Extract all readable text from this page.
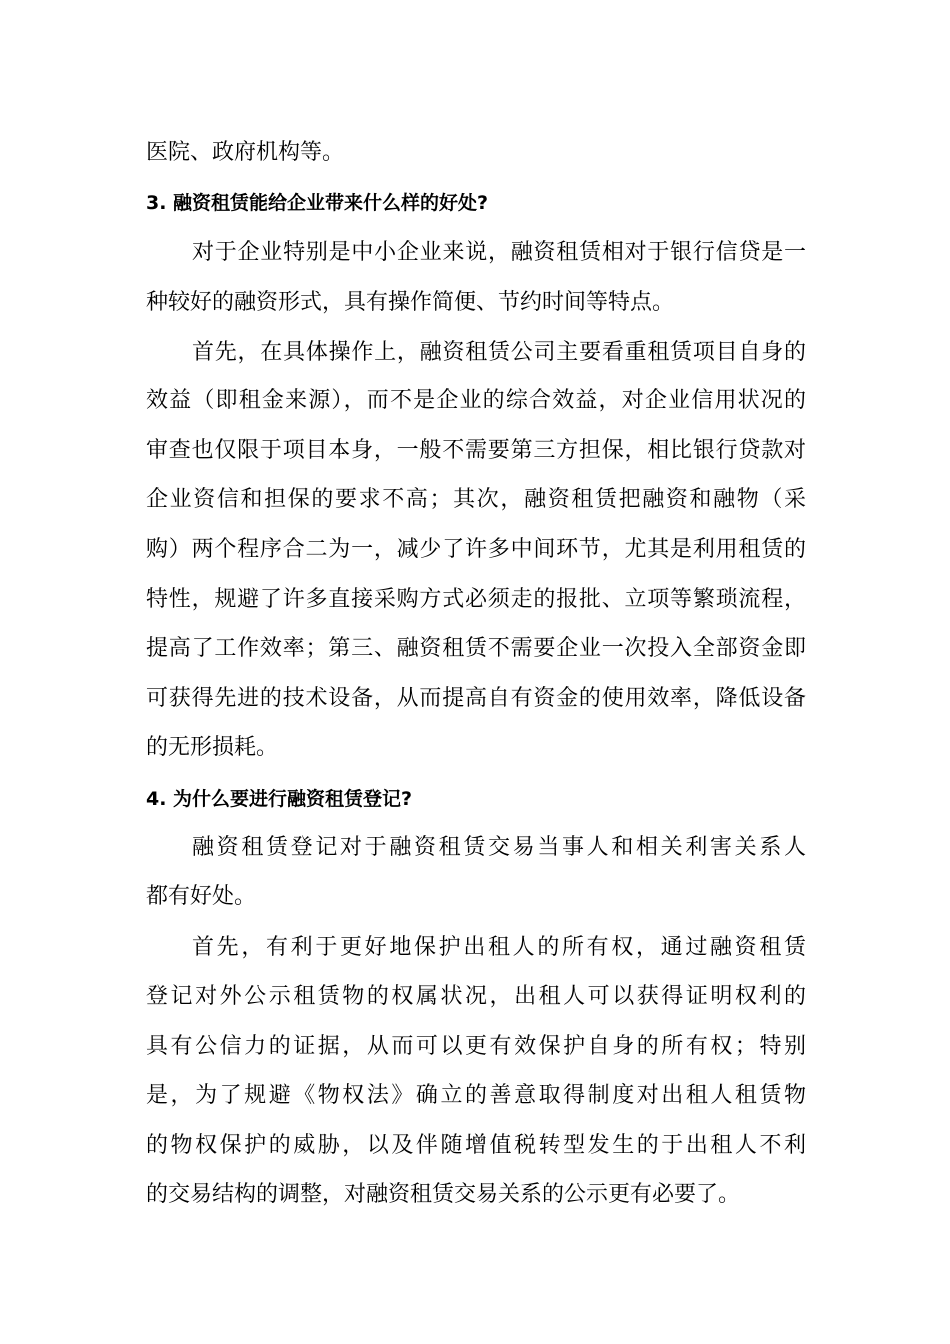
医院、政府机构等。
3. 融资租赁能给企业带来什么样的好处?
对于企业特别是中小企业来说，融资租赁相对于银行信贷是一
种较好的融资形式，具有操作简便、节约时间等特点。
首先，在具体操作上，融资租赁公司主要看重租赁项目自身的
效益（即租金来源），而不是企业的综合效益，对企业信用状况的
审查也仅限于项目本身，一般不需要第三方担保，相比银行贷款对
企业资信和担保的要求不高；其次，融资租赁把融资和融物（采
购）两个程序合二为一，减少了许多中间环节，尤其是利用租赁的
特性，规避了许多直接采购方式必须走的报批、立项等繁琐流程，
提高了工作效率；第三、融资租赁不需要企业一次投入全部资金即
可获得先进的技术设备，从而提高自有资金的使用效率，降低设备
的无形损耗。
4. 为什么要进行融资租赁登记?
融资租赁登记对于融资租赁交易当事人和相关利害关系人
都有好处。
首先，有利于更好地保护出租人的所有权，通过融资租赁
登记对外公示租赁物的权属状况，出租人可以获得证明权利的
具有公信力的证据，从而可以更有效保护自身的所有权；特别
是，为了规避《物权法》确立的善意取得制度对出租人租赁物
的物权保护的威胁，以及伴随增值税转型发生的于出租人不利
的交易结构的调整，对融资租赁交易关系的公示更有必要了。
